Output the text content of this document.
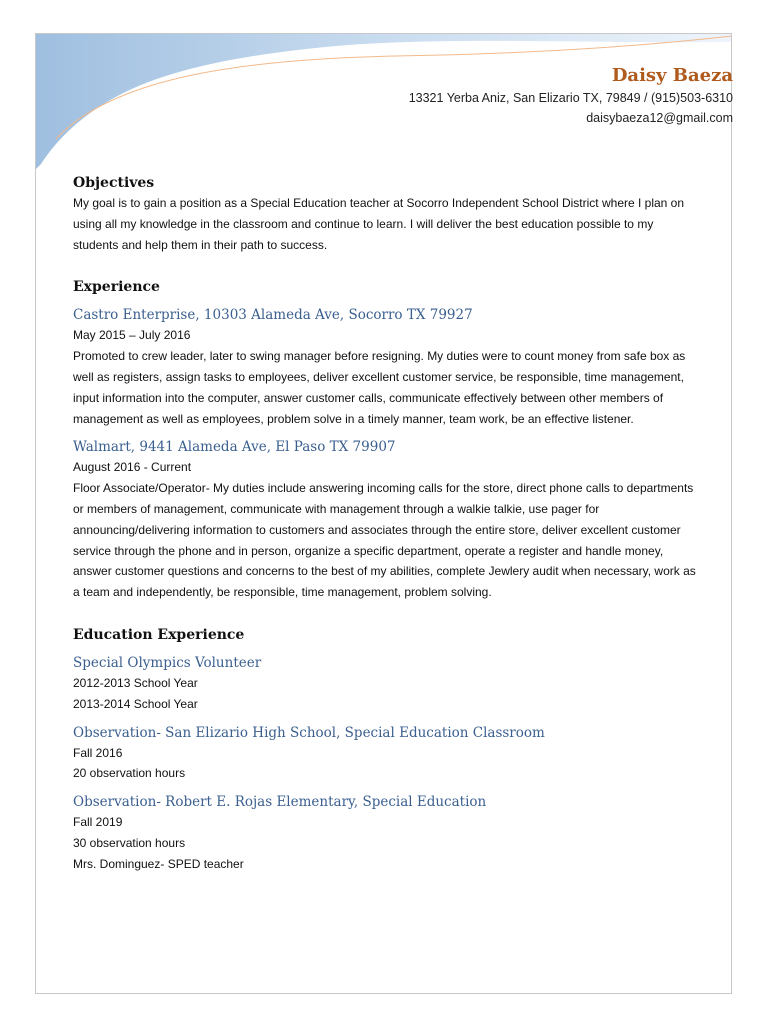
Daisy Baeza
13321 Yerba Aniz, San Elizario TX, 79849 / (915)503-6310
daisybaeza12@gmail.com
Objectives

My goal is to gain a position as a Special Education teacher at Socorro Independent School District where I plan on using all my knowledge in the classroom and continue to learn. I will deliver the best education possible to my students and help them in their path to success.

Experience

Castro Enterprise, 10303 Alameda Ave, Socorro TX 79927

May 2015 – July 2016

Promoted to crew leader, later to swing manager before resigning. My duties were to count money from safe box as well as registers, assign tasks to employees, deliver excellent customer service, be responsible, time management, input information into the computer, answer customer calls, communicate effectively between other members of management as well as employees, problem solve in a timely manner, team work, be an effective listener.

Walmart, 9441 Alameda Ave, El Paso TX 79907

August 2016 - Current

Floor Associate/Operator- My duties include answering incoming calls for the store, direct phone calls to departments or members of management, communicate with management through a walkie talkie, use pager for announcing/delivering information to customers and associates through the entire store, deliver excellent customer service through the phone and in person, organize a specific department, operate a register and handle money, answer customer questions and concerns to the best of my abilities, complete Jewlery audit when necessary, work as a team and independently, be responsible, time management, problem solving.

Education Experience

Special Olympics Volunteer

2012-2013 School Year

2013-2014 School Year

Observation- San Elizario High School, Special Education Classroom

Fall 2016

20 observation hours

Observation- Robert E. Rojas Elementary, Special Education

Fall 2019

30 observation hours

Mrs. Dominguez- SPED teacher
